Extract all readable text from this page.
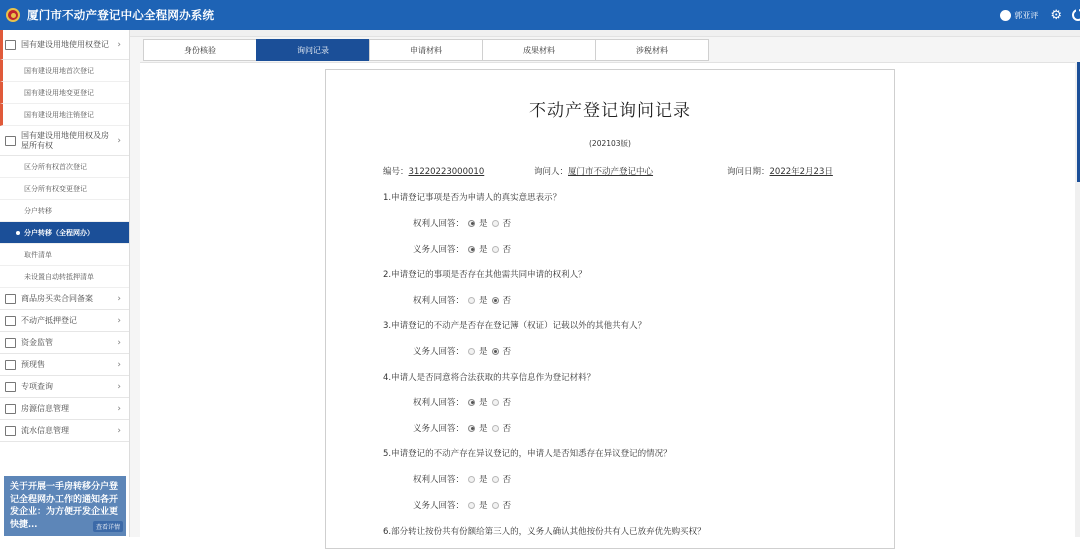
厦门市不动产登记中心全程网办系统	郭亚评 ⚙
国有建设用地使用权登记 ›
国有建设用地首次登记
国有建设用地变更登记
国有建设用地注销登记
国有建设用地使用权及房屋所有权	›
区分所有权首次登记
区分所有权变更登记
分户转移
分户转移（全程网办）
取件清单
未设置自动转抵押清单
商品房买卖合同备案	›
不动产抵押登记	›
资金监管	›
预现售	›
专项查询	›
房源信息管理	›
流水信息管理	›
关于开展一手房转移分户登记全程网办工作的通知各开发企业：为方便开发企业更快捷...	查看详情
身份核验	询问记录	申请材料	成果材料	涉税材料
不动产登记询问记录
(202103版)
编号：31220223000010	询问人：厦门市不动产登记中心	询问日期：2022年2月23日
1.申请登记事项是否为申请人的真实意思表示？
权利人回答： 是 否
义务人回答： 是 否
2.申请登记的事项是否存在其他需共同申请的权利人？
权利人回答： 是 否
3.申请登记的不动产是否存在登记簿（权证）记载以外的其他共有人？
义务人回答： 是 否
4.申请人是否同意将合法获取的共享信息作为登记材料？
权利人回答： 是 否
义务人回答： 是 否
5.申请登记的不动产存在异议登记的，申请人是否知悉存在异议登记的情况？
权利人回答： 是 否
义务人回答： 是 否
6.部分转让按份共有份额给第三人的，义务人确认其他按份共有人已放弃优先购买权？
